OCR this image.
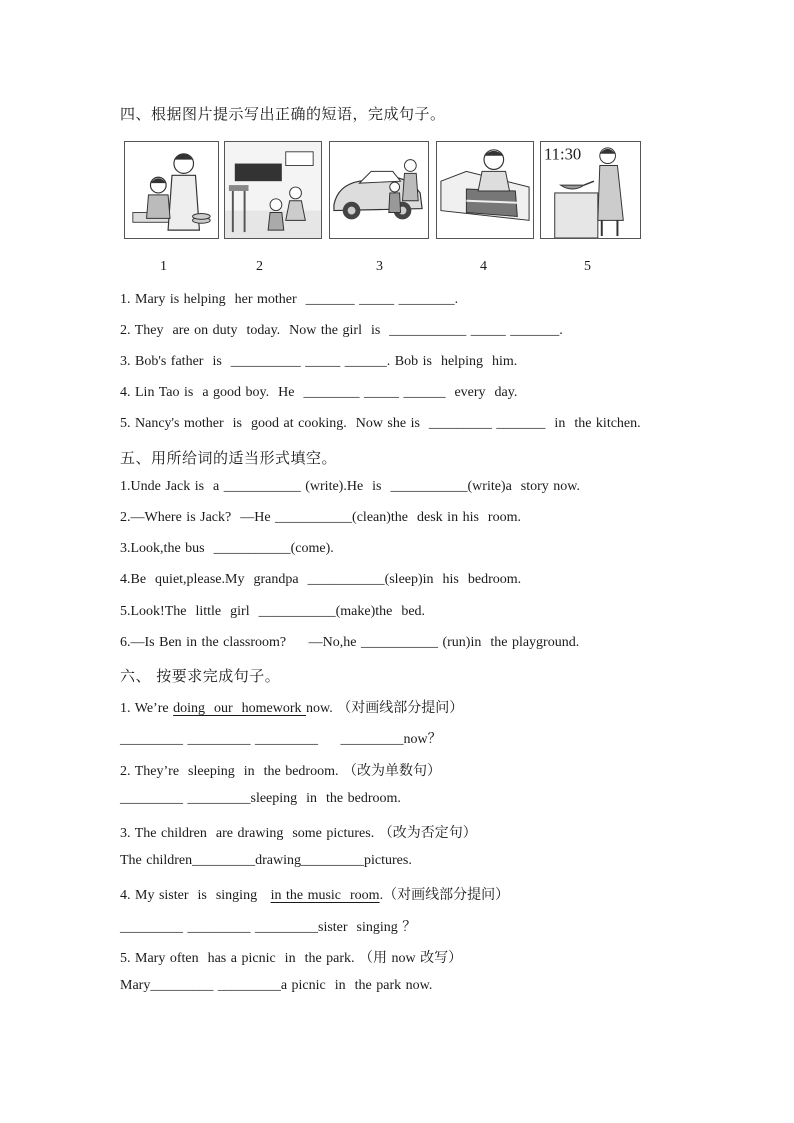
四、根据图片提示写出正确的短语，完成句子。
11:30
1	2	3	4	5
1. Mary is helping  her mother  _______ _____ ________.
2. They  are on duty  today.  Now the girl  is  ___________ _____ _______.
3. Bob's father  is  __________ _____ ______. Bob is  helping  him.
4. Lin Tao is  a good boy.  He  ________ _____ ______  every  day.
5. Nancy's mother  is  good at cooking.  Now she is  _________ _______  in  the kitchen.
五、用所给词的适当形式填空。
1.Unde Jack is  a ___________ (write).He  is  ___________(write)a  story now.
2.—Where is Jack?  —He ___________(clean)the  desk in his  room.
3.Look,the bus  ___________(come).
4.Be  quiet,please.My  grandpa  ___________(sleep)in  his  bedroom.
5.Look!The  little  girl  ___________(make)the  bed.
6.—Is Ben in the classroom?     —No,he ___________ (run)in  the playground.
六、 按要求完成句子。
1. We’re doing  our  homework now. （对画线部分提问）
_________ _________ _________     _________now？
2. They’re  sleeping  in  the bedroom. （改为单数句）
_________ _________sleeping  in  the bedroom.
3. The children  are drawing  some pictures. （改为否定句）
The children_________drawing_________pictures.
4. My sister  is  singing   in the music  room.（对画线部分提问）
_________ _________ _________sister  singing ？
5. Mary often  has a picnic  in  the park. （用 now 改写）
Mary_________ _________a picnic  in  the park now.
